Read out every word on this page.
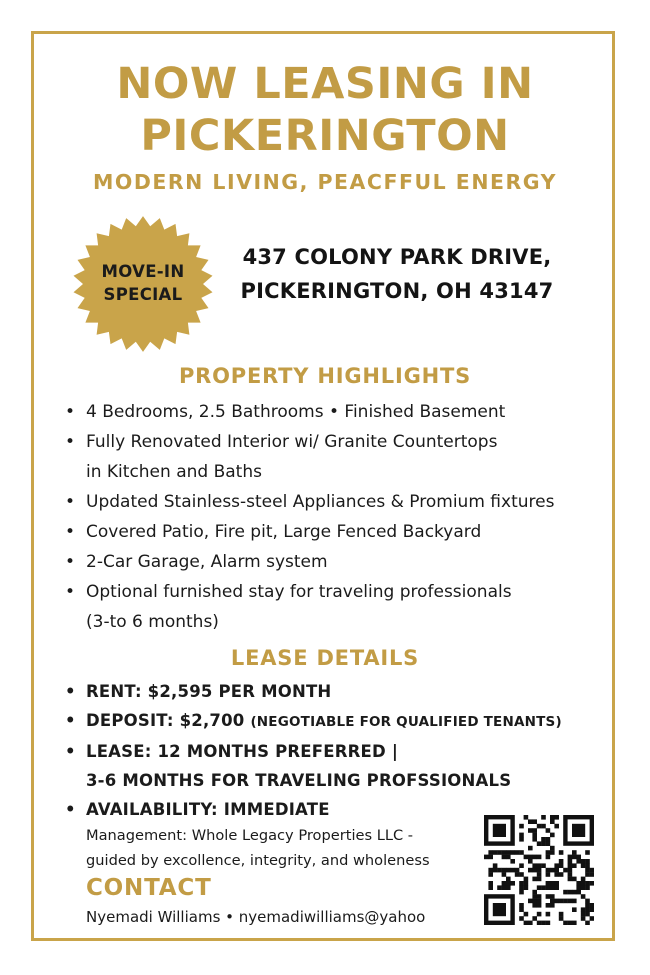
NOW LEASING IN PICKERINGTON
MODERN LIVING, PEACFFUL ENERGY
MOVE-IN
SPECIAL
437 COLONY PARK DRIVE,
PICKERINGTON, OH 43147
PROPERTY HIGHLIGHTS
• 4 Bedrooms, 2.5 Bathrooms • Finished Basement
• Fully Renovated Interior wi/ Granite Countertops
in Kitchen and Baths
• Updated Stainless-steel Appliances & Promium fixtures
• Covered Patio, Fire pit, Large Fenced Backyard
• 2-Car Garage, Alarm system
• Optional furnished stay for traveling professionals
(3-to 6 months)
LEASE DETAILS
• RENT: $2,595 PER MONTH
• DEPOSIT: $2,700 (NEGOTIABLE FOR QUALIFIED TENANTS)
• LEASE: 12 MONTHS PREFERRED |
3-6 MONTHS FOR TRAVELING PROFSSIONALS
• AVAILABILITY: IMMEDIATE
Management: Whole Legacy Properties LLC -
guided by excollence, integrity, and wholeness
CONTACT
Nyemadi Williams • nyemadiwilliams@yahoo
